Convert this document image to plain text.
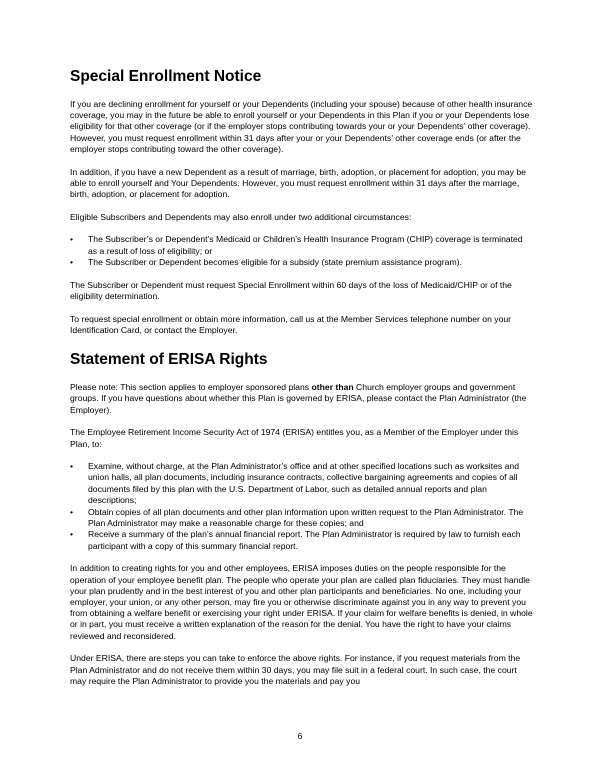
Special Enrollment Notice

If you are declining enrollment for yourself or your Dependents (including your spouse) because of other health insurance coverage, you may in the future be able to enroll yourself or your Dependents in this Plan if you or your Dependents lose eligibility for that other coverage (or if the employer stops contributing towards your or your Dependents’ other coverage). However, you must request enrollment within 31 days after your or your Dependents’ other coverage ends (or after the employer stops contributing toward the other coverage).

In addition, if you have a new Dependent as a result of marriage, birth, adoption, or placement for adoption, you may be able to enroll yourself and Your Dependents. However, you must request enrollment within 31 days after the marriage, birth, adoption, or placement for adoption.

Eligible Subscribers and Dependents may also enroll under two additional circumstances:

• The Subscriber’s or Dependent’s Medicaid or Children’s Health Insurance Program (CHIP) coverage is terminated as a result of loss of eligibility; or
• The Subscriber or Dependent becomes eligible for a subsidy (state premium assistance program).

The Subscriber or Dependent must request Special Enrollment within 60 days of the loss of Medicaid/CHIP or of the eligibility determination.

To request special enrollment or obtain more information, call us at the Member Services telephone number on your Identification Card, or contact the Employer.

Statement of ERISA Rights

Please note: This section applies to employer sponsored plans other than Church employer groups and government groups. If you have questions about whether this Plan is governed by ERISA, please contact the Plan Administrator (the Employer).

The Employee Retirement Income Security Act of 1974 (ERISA) entitles you, as a Member of the Employer under this Plan, to:

• Examine, without charge, at the Plan Administrator’s office and at other specified locations such as worksites and union halls, all plan documents, including insurance contracts, collective bargaining agreements and copies of all documents filed by this plan with the U.S. Department of Labor, such as detailed annual reports and plan descriptions;
• Obtain copies of all plan documents and other plan information upon written request to the Plan Administrator. The Plan Administrator may make a reasonable charge for these copies; and
• Receive a summary of the plan’s annual financial report. The Plan Administrator is required by law to furnish each participant with a copy of this summary financial report.

In addition to creating rights for you and other employees, ERISA imposes duties on the people responsible for the operation of your employee benefit plan. The people who operate your plan are called plan fiduciaries. They must handle your plan prudently and in the best interest of you and other plan participants and beneficiaries. No one, including your employer, your union, or any other person, may fire you or otherwise discriminate against you in any way to prevent you from obtaining a welfare benefit or exercising your right under ERISA. If your claim for welfare benefits is denied, in whole or in part, you must receive a written explanation of the reason for the denial. You have the right to have your claims reviewed and reconsidered.

Under ERISA, there are steps you can take to enforce the above rights. For instance, if you request materials from the Plan Administrator and do not receive them within 30 days, you may file suit in a federal court. In such case, the court may require the Plan Administrator to provide you the materials and pay you

6
